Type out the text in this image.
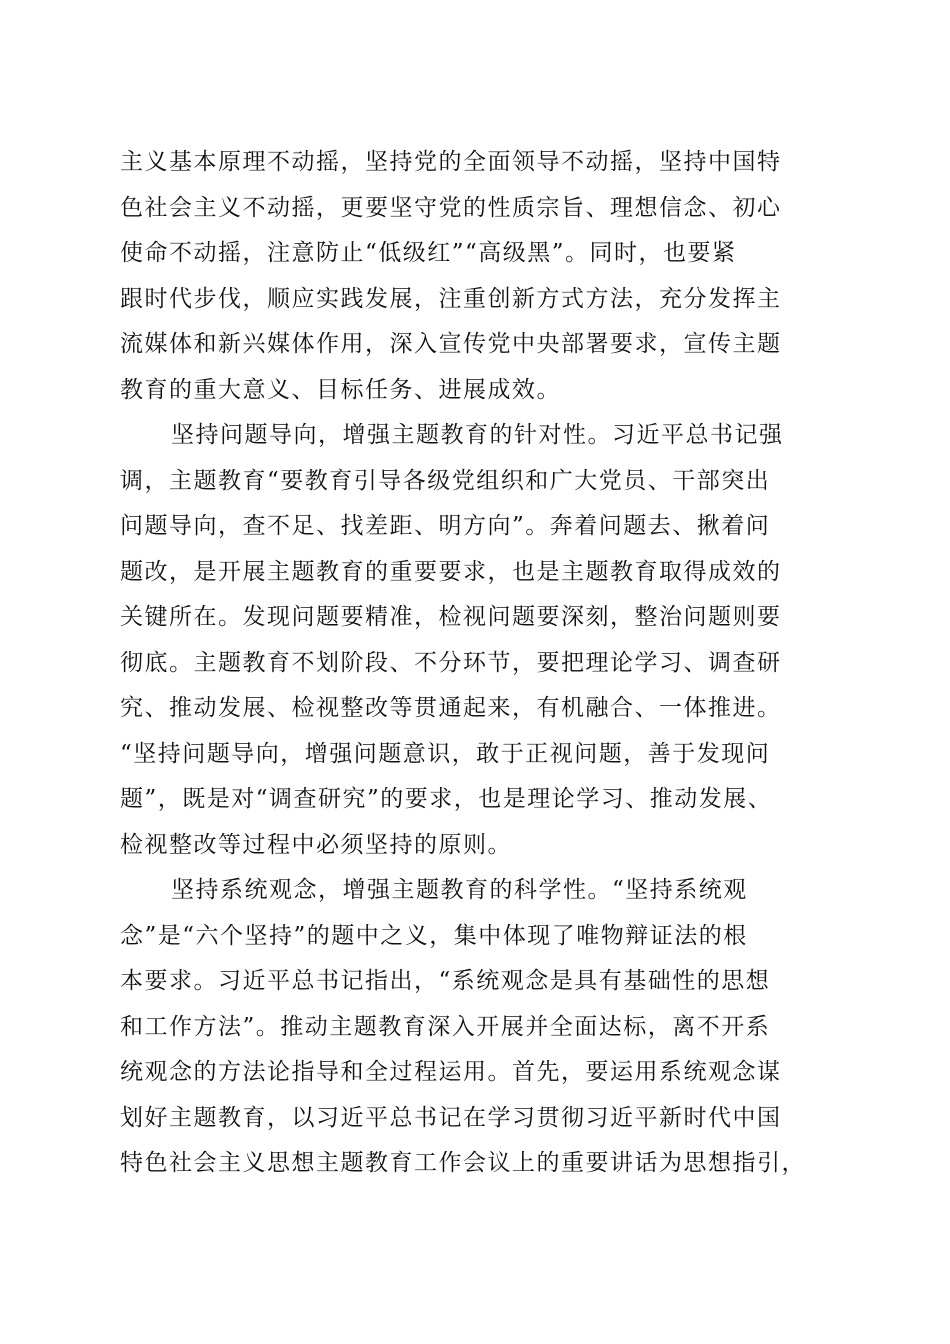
主义基本原理不动摇，坚持党的全面领导不动摇，坚持中国特
色社会主义不动摇，更要坚守党的性质宗旨、理想信念、初心
使命不动摇，注意防止“低级红”“高级黑”。同时，也要紧
跟时代步伐，顺应实践发展，注重创新方式方法，充分发挥主
流媒体和新兴媒体作用，深入宣传党中央部署要求，宣传主题
教育的重大意义、目标任务、进展成效。
坚持问题导向，增强主题教育的针对性。习近平总书记强
调，主题教育“要教育引导各级党组织和广大党员、干部突出
问题导向，查不足、找差距、明方向”。奔着问题去、揪着问
题改，是开展主题教育的重要要求，也是主题教育取得成效的
关键所在。发现问题要精准，检视问题要深刻，整治问题则要
彻底。主题教育不划阶段、不分环节，要把理论学习、调查研
究、推动发展、检视整改等贯通起来，有机融合、一体推进。
“坚持问题导向，增强问题意识，敢于正视问题，善于发现问
题”，既是对“调查研究”的要求，也是理论学习、推动发展、
检视整改等过程中必须坚持的原则。
坚持系统观念，增强主题教育的科学性。“坚持系统观
念”是“六个坚持”的题中之义，集中体现了唯物辩证法的根
本要求。习近平总书记指出，“系统观念是具有基础性的思想
和工作方法”。推动主题教育深入开展并全面达标，离不开系
统观念的方法论指导和全过程运用。首先，要运用系统观念谋
划好主题教育，以习近平总书记在学习贯彻习近平新时代中国
特色社会主义思想主题教育工作会议上的重要讲话为思想指引，
